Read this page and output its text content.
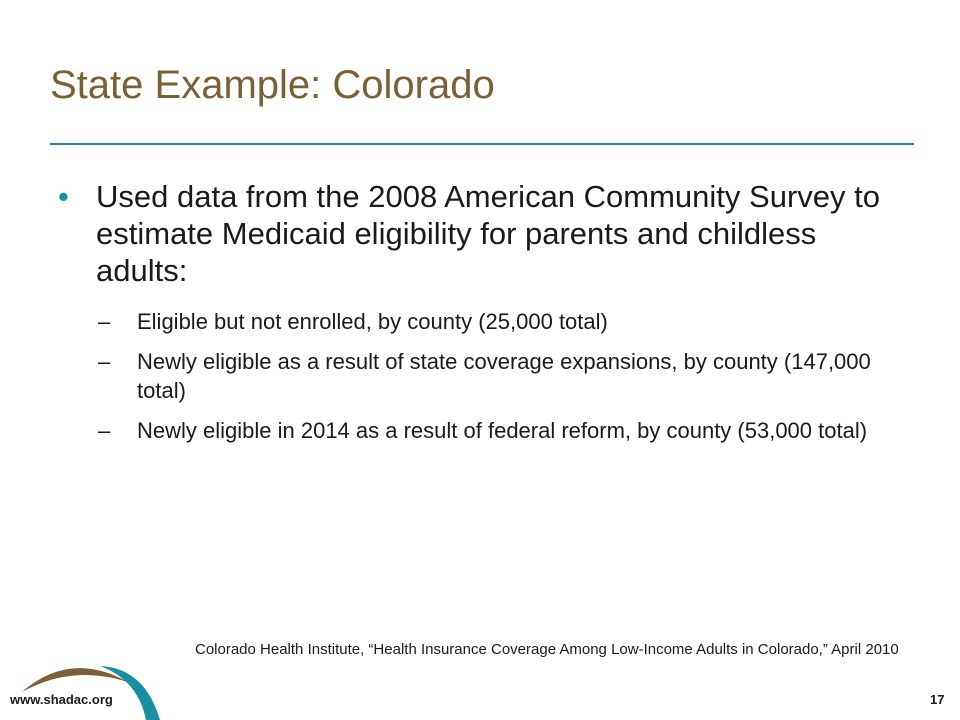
State Example: Colorado

• Used data from the 2008 American Community Survey to estimate Medicaid eligibility for parents and childless adults:

– Eligible but not enrolled, by county (25,000 total)
– Newly eligible as a result of state coverage expansions, by county (147,000 total)
– Newly eligible in 2014 as a result of federal reform, by county (53,000 total)

Colorado Health Institute, “Health Insurance Coverage Among Low-Income Adults in Colorado,” April 2010

www.shadac.org	17
